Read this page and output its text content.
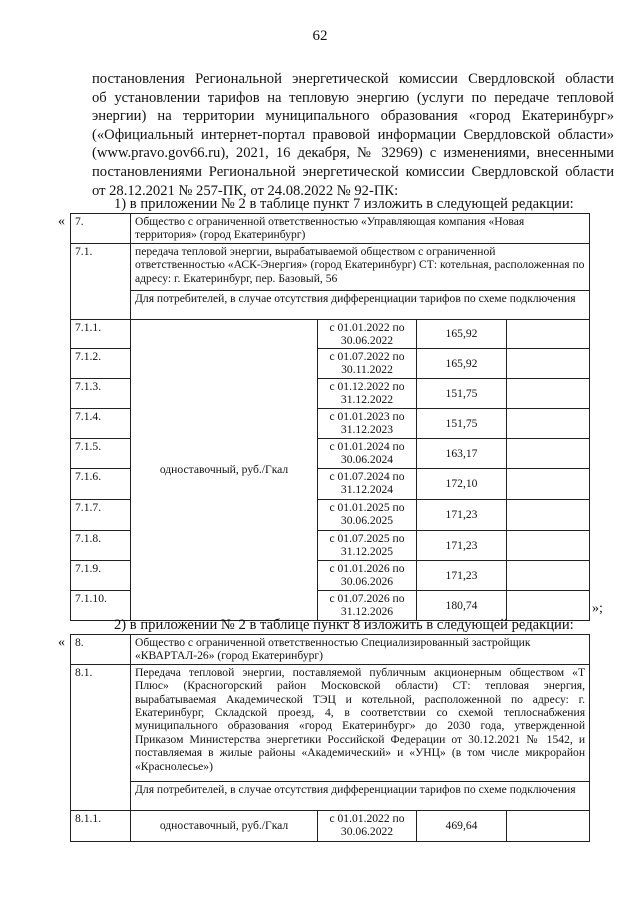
62
постановления Региональной энергетической комиссии Свердловской области
об установлении тарифов на тепловую энергию (услуги по передаче тепловой
энергии) на территории муниципального образования «город Екатеринбург»
(«Официальный интернет-портал правовой информации Свердловской области»
(www.pravo.gov66.ru), 2021, 16 декабря, № 32969) с изменениями, внесенными
постановлениями Региональной энергетической комиссии Свердловской области
от 28.12.2021 № 257-ПК, от 24.08.2022 № 92-ПК:
1) в приложении № 2 в таблице пункт 7 изложить в следующей редакции:
« 7.	Общество с ограниченной ответственностью «Управляющая компания «Новая территория» (город Екатеринбург)			
7.1.	передача тепловой энергии, вырабатываемой обществом с ограниченной ответственностью «АСК-Энергия» (город Екатеринбург) СТ: котельная, расположенная по адресу: г. Екатеринбург, пер. Базовый, 56			
	Для потребителей, в случае отсутствия дифференциации тарифов по схеме подключения			
7.1.1.	одноставочный, руб./Гкал	с 01.01.2022 по 30.06.2022	165,92	
7.1.2.		с 01.07.2022 по 30.11.2022	165,92	
7.1.3.		с 01.12.2022 по 31.12.2022	151,75	
7.1.4.		с 01.01.2023 по 31.12.2023	151,75	
7.1.5.		с 01.01.2024 по 30.06.2024	163,17	
7.1.6.		с 01.07.2024 по 31.12.2024	172,10	
7.1.7.		с 01.01.2025 по 30.06.2025	171,23	
7.1.8.		с 01.07.2025 по 31.12.2025	171,23	
7.1.9.		с 01.01.2026 по 30.06.2026	171,23	
7.1.10.		с 01.07.2026 по 31.12.2026	180,74		»;
2) в приложении № 2 в таблице пункт 8 изложить в следующей редакции:
« 8.	Общество с ограниченной ответственностью Специализированный застройщик «КВАРТАЛ-26» (город Екатеринбург)			
8.1.	Передача тепловой энергии, поставляемой публичным акционерным обществом «Т Плюс» (Красногорский район Московской области) СТ: тепловая энергия, вырабатываемая Академической ТЭЦ и котельной, расположенной по адресу: г. Екатеринбург, Складской проезд, 4, в соответствии со схемой теплоснабжения муниципального образования «город Екатеринбург» до 2030 года, утвержденной Приказом Министерства энергетики Российской Федерации от 30.12.2021 № 1542, и поставляемая в жилые районы «Академический» и «УНЦ» (в том числе микрорайон «Краснолесье»)			
	Для потребителей, в случае отсутствия дифференциации тарифов по схеме подключения			
8.1.1.	одноставочный, руб./Гкал	с 01.01.2022 по 30.06.2022	469,64	
